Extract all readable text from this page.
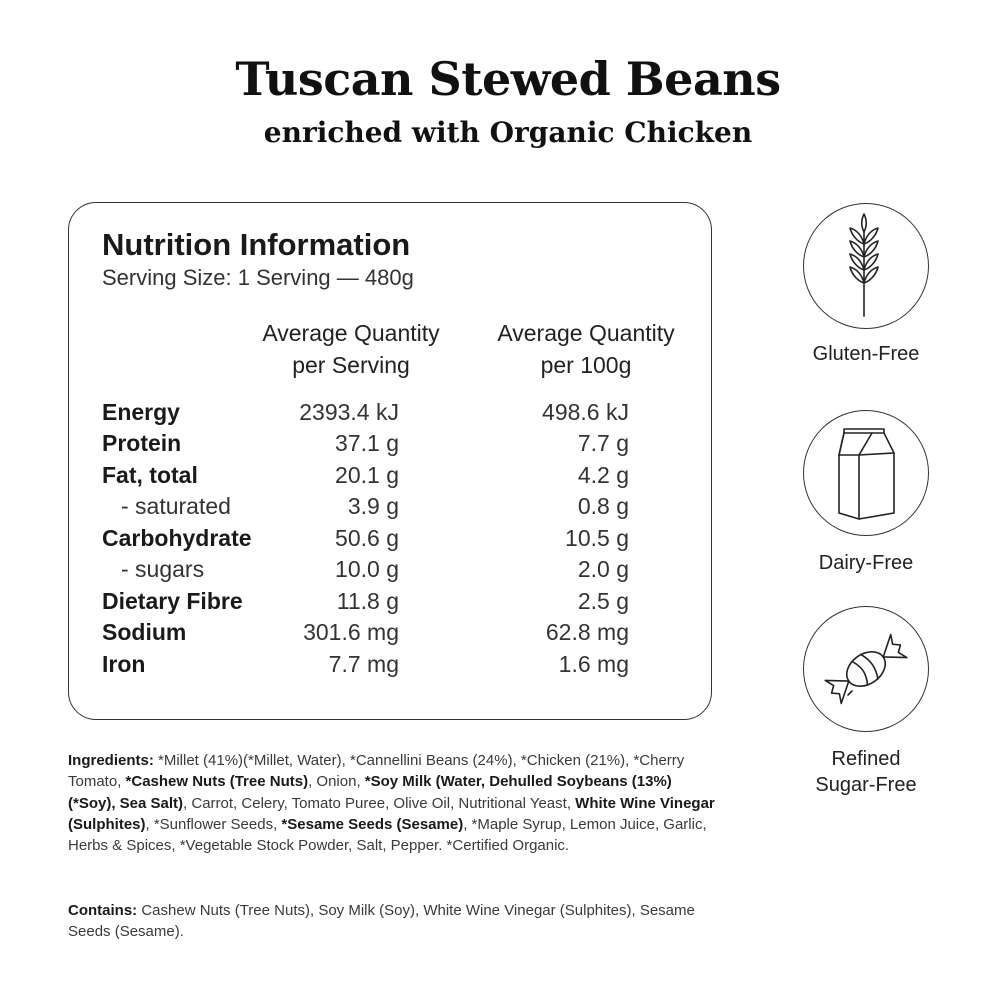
Tuscan Stewed Beans
enriched with Organic Chicken
Nutrition Information
Serving Size: 1 Serving — 480g
Average Quantity
per Serving
Average Quantity
per 100g
Energy	2393.4 kJ	498.6 kJ
Protein	37.1 g	7.7 g
Fat, total	20.1 g	4.2 g
- saturated	3.9 g	0.8 g
Carbohydrate	50.6 g	10.5 g
- sugars	10.0 g	2.0 g
Dietary Fibre	11.8 g	2.5 g
Sodium	301.6 mg	62.8 mg
Iron	7.7 mg	1.6 mg
Ingredients: *Millet (41%)(*Millet, Water), *Cannellini Beans (24%), *Chicken (21%), *Cherry Tomato, *Cashew Nuts (Tree Nuts), Onion, *Soy Milk (Water, Dehulled Soybeans (13%)(*Soy), Sea Salt), Carrot, Celery, Tomato Puree, Olive Oil, Nutritional Yeast, White Wine Vinegar (Sulphites), *Sunflower Seeds, *Sesame Seeds (Sesame), *Maple Syrup, Lemon Juice, Garlic, Herbs & Spices, *Vegetable Stock Powder, Salt, Pepper. *Certified Organic.
Contains: Cashew Nuts (Tree Nuts), Soy Milk (Soy), White Wine Vinegar (Sulphites), Sesame Seeds (Sesame).
Gluten-Free
Dairy-Free
Refined
Sugar-Free
